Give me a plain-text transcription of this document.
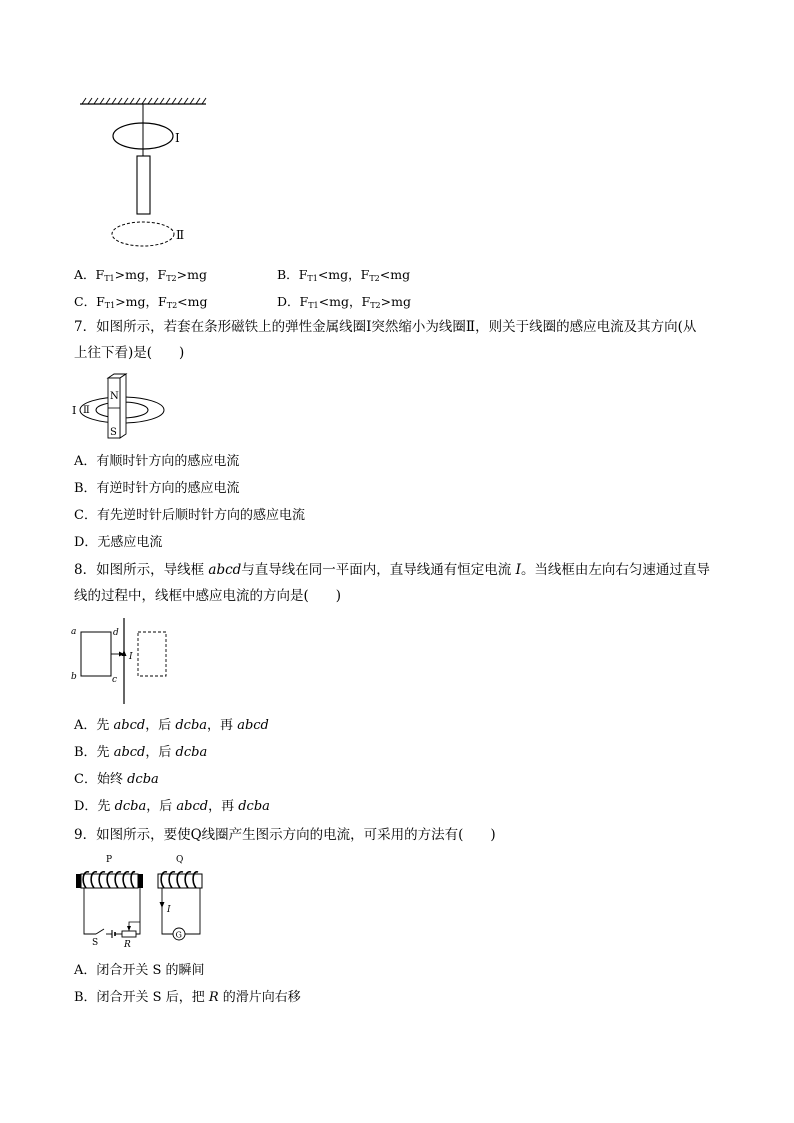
I
Ⅱ
A．$F_{T1}>mg$，$F_{T2}>mg$	B．$F_{T1}<mg$，$F_{T2}<mg$
C．$F_{T1}>mg$，$F_{T2}<mg$	D．$F_{T1}<mg$，$F_{T2}>mg$
7．如图所示，若套在条形磁铁上的弹性金属线圈Ⅰ突然缩小为线圈Ⅱ，则关于线圈的感应电流及其方向(从
上往下看)是(　　)
N
S
Ⅰ Ⅱ
A．有顺时针方向的感应电流
B．有逆时针方向的感应电流
C．有先逆时针后顺时针方向的感应电流
D．无感应电流
8．如图所示，导线框 abcd与直导线在同一平面内，直导线通有恒定电流 I。当线框由左向右匀速通过直导
线的过程中，线框中感应电流的方向是(　　)
a
b	c
d
I
A．先 abcd，后 dcba，再 abcd
B．先 abcd，后 dcba
C．始终 dcba
D．先 dcba，后 abcd，再 dcba
9．如图所示，要使Q线圈产生图示方向的电流，可采用的方法有(　　)
P
S	R
Q
G
I
A．闭合开关 S 的瞬间
B．闭合开关 S 后，把 R 的滑片向右移
